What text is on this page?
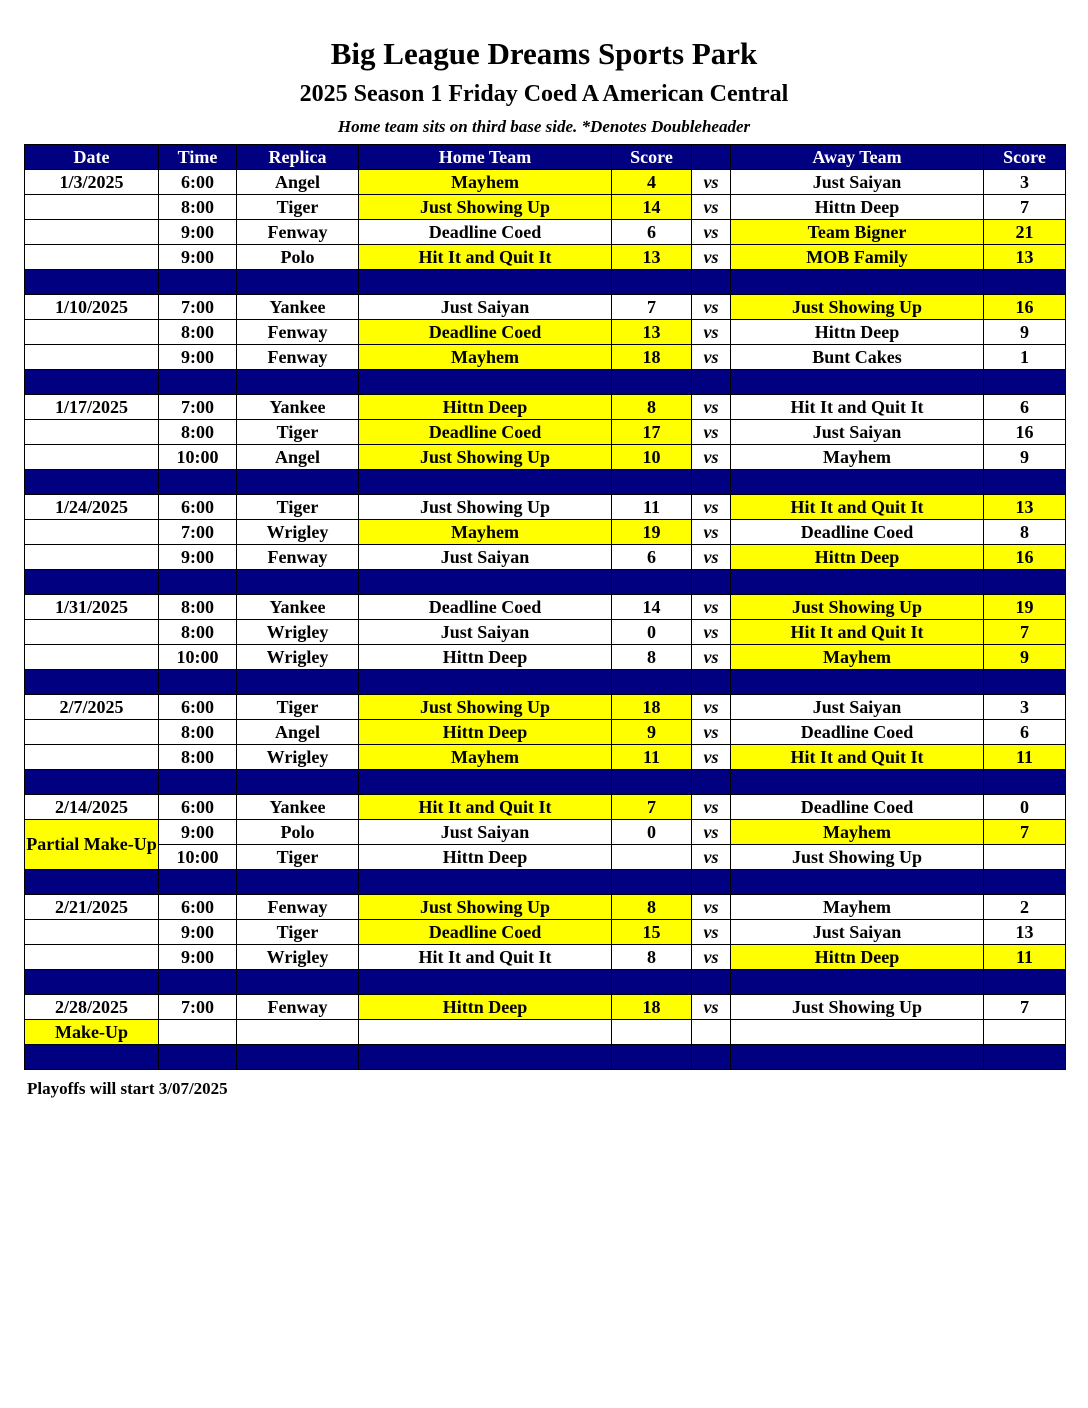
Big League Dreams Sports Park
2025 Season 1 Friday Coed A American Central
Home team sits on third base side. *Denotes Doubleheader
Date	Time	Replica	Home Team	Score		Away Team	Score
1/3/2025	6:00	Angel	Mayhem	4	vs	Just Saiyan	3
	8:00	Tiger	Just Showing Up	14	vs	Hittn Deep	7
	9:00	Fenway	Deadline Coed	6	vs	Team Bigner	21
	9:00	Polo	Hit It and Quit It	13	vs	MOB Family	13

1/10/2025	7:00	Yankee	Just Saiyan	7	vs	Just Showing Up	16
	8:00	Fenway	Deadline Coed	13	vs	Hittn Deep	9
	9:00	Fenway	Mayhem	18	vs	Bunt Cakes	1

1/17/2025	7:00	Yankee	Hittn Deep	8	vs	Hit It and Quit It	6
	8:00	Tiger	Deadline Coed	17	vs	Just Saiyan	16
	10:00	Angel	Just Showing Up	10	vs	Mayhem	9

1/24/2025	6:00	Tiger	Just Showing Up	11	vs	Hit It and Quit It	13
	7:00	Wrigley	Mayhem	19	vs	Deadline Coed	8
	9:00	Fenway	Just Saiyan	6	vs	Hittn Deep	16

1/31/2025	8:00	Yankee	Deadline Coed	14	vs	Just Showing Up	19
	8:00	Wrigley	Just Saiyan	0	vs	Hit It and Quit It	7
	10:00	Wrigley	Hittn Deep	8	vs	Mayhem	9

2/7/2025	6:00	Tiger	Just Showing Up	18	vs	Just Saiyan	3
	8:00	Angel	Hittn Deep	9	vs	Deadline Coed	6
	8:00	Wrigley	Mayhem	11	vs	Hit It and Quit It	11

2/14/2025	6:00	Yankee	Hit It and Quit It	7	vs	Deadline Coed	0
Partial Make-Up	9:00	Polo	Just Saiyan	0	vs	Mayhem	7
	10:00	Tiger	Hittn Deep		vs	Just Showing Up	

2/21/2025	6:00	Fenway	Just Showing Up	8	vs	Mayhem	2
	9:00	Tiger	Deadline Coed	15	vs	Just Saiyan	13
	9:00	Wrigley	Hit It and Quit It	8	vs	Hittn Deep	11

2/28/2025	7:00	Fenway	Hittn Deep	18	vs	Just Showing Up	7
Make-Up							

Playoffs will start 3/07/2025
